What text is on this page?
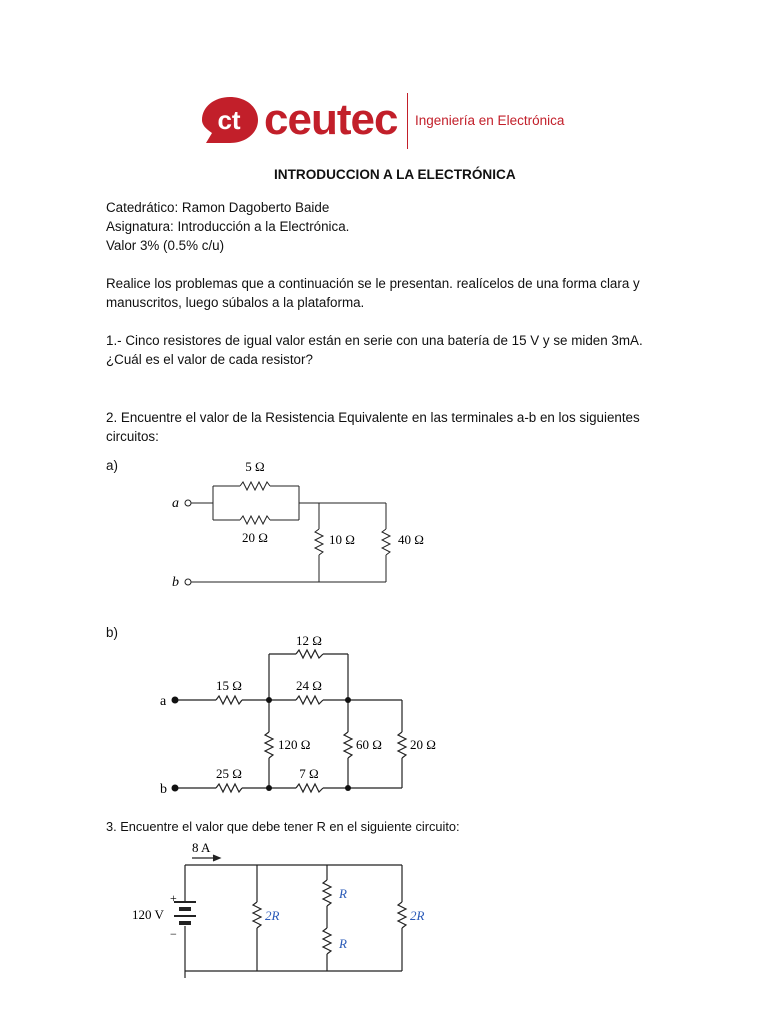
ct ceutec Ingeniería en Electrónica
INTRODUCCION A LA ELECTRÓNICA
Catedrático: Ramon Dagoberto Baide
Asignatura: Introducción a la Electrónica.
Valor 3% (0.5% c/u)
Realice los problemas que a continuación se le presentan. realícelos de una forma clara y
manuscritos, luego súbalos a la plataforma.
1.- Cinco resistores de igual valor están en serie con una batería de 15 V y se miden 3mA.
¿Cuál es el valor de cada resistor?
2. Encuentre el valor de la Resistencia Equivalente en las terminales a-b en los siguientes
circuitos:
a)
a
b
5 Ω
20 Ω	10 Ω	40 Ω
b)
a
b
12 Ω
15 Ω	24 Ω
120 Ω	60 Ω 20 Ω
25 Ω	7 Ω
3. Encuentre el valor que debe tener R en el siguiente circuito:
8 A
+
−
120 V	2R
R
R
2R
